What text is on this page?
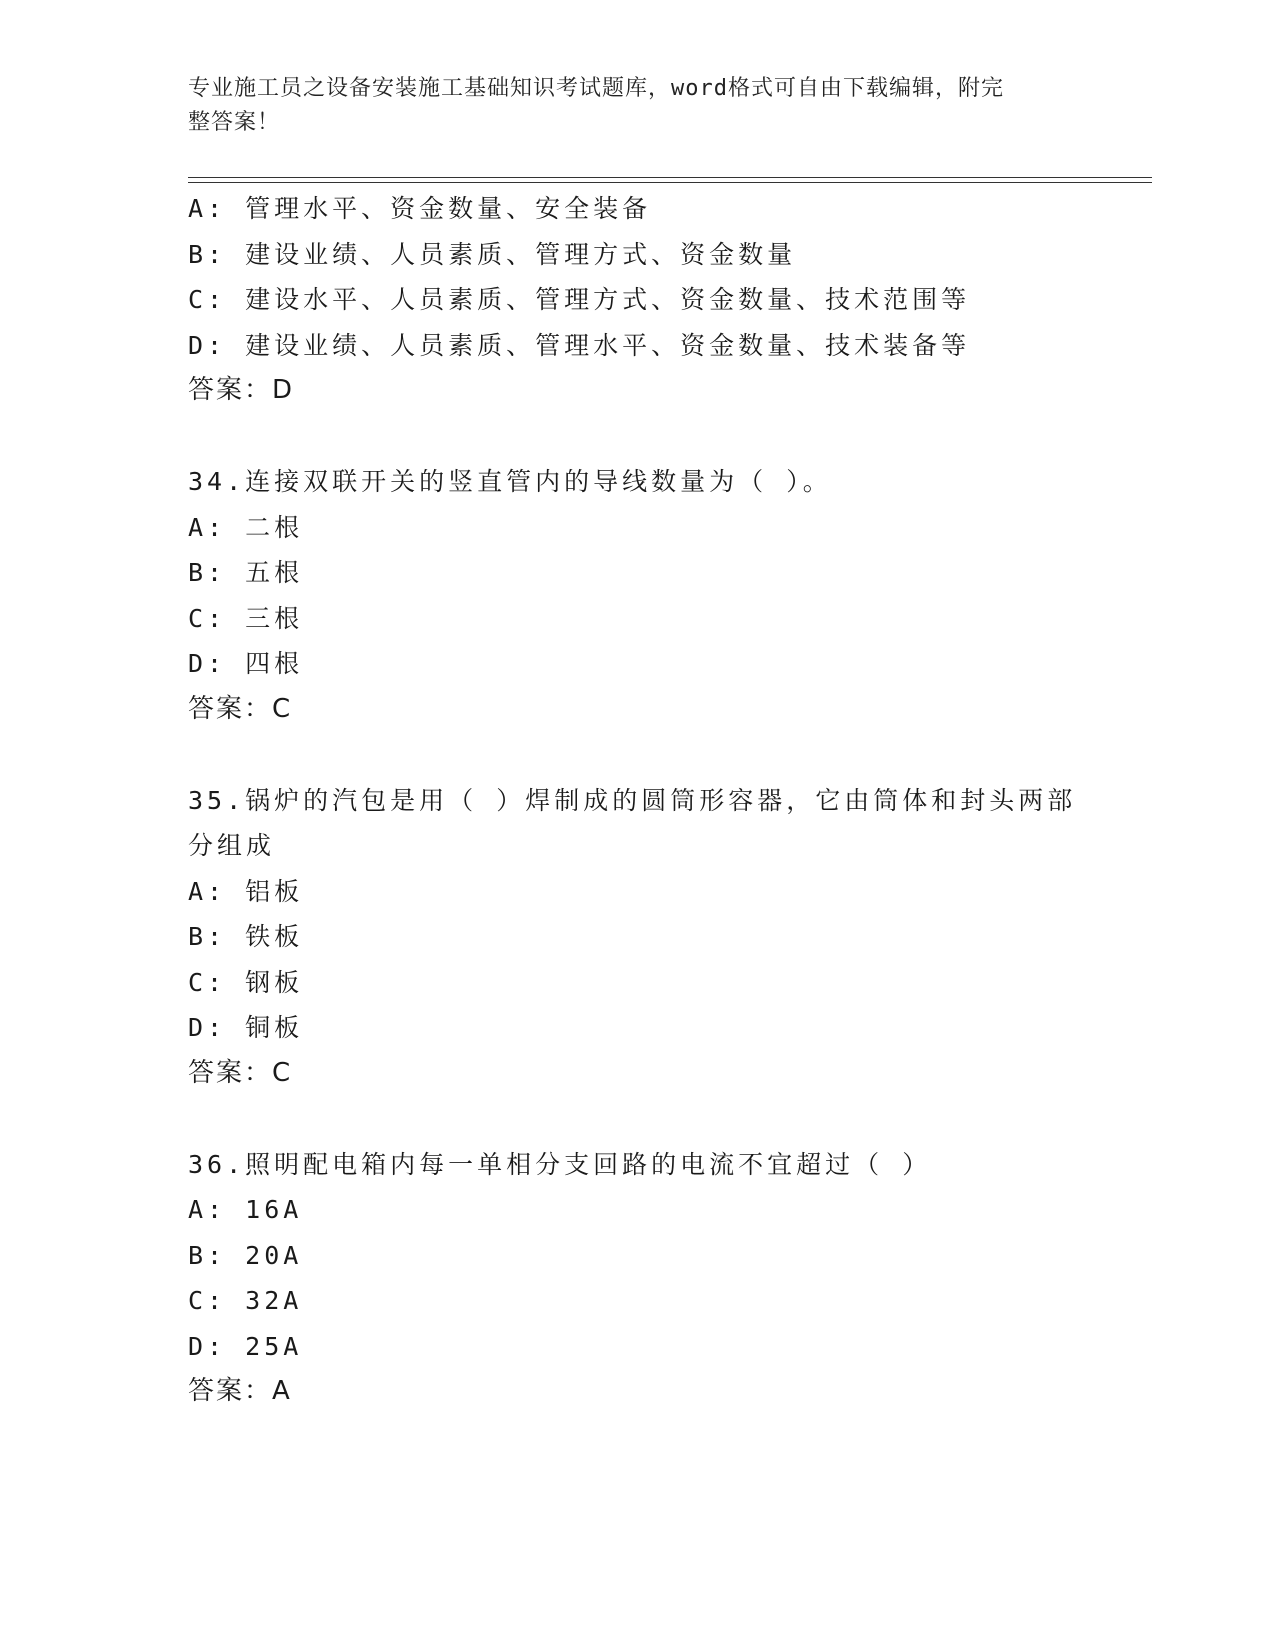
专业施工员之设备安装施工基础知识考试题库，word格式可自由下载编辑，附完
整答案！
A: 管理水平、资金数量、安全装备
B: 建设业绩、人员素质、管理方式、资金数量
C: 建设水平、人员素质、管理方式、资金数量、技术范围等
D: 建设业绩、人员素质、管理水平、资金数量、技术装备等
答案：D
34.连接双联开关的竖直管内的导线数量为（ ）。
A: 二根
B: 五根
C: 三根
D: 四根
答案：C
35.锅炉的汽包是用（ ）焊制成的圆筒形容器，它由筒体和封头两部
分组成
A: 铝板
B: 铁板
C: 钢板
D: 铜板
答案：C
36.照明配电箱内每一单相分支回路的电流不宜超过（ ）
A: 16A
B: 20A
C: 32A
D: 25A
答案：A
